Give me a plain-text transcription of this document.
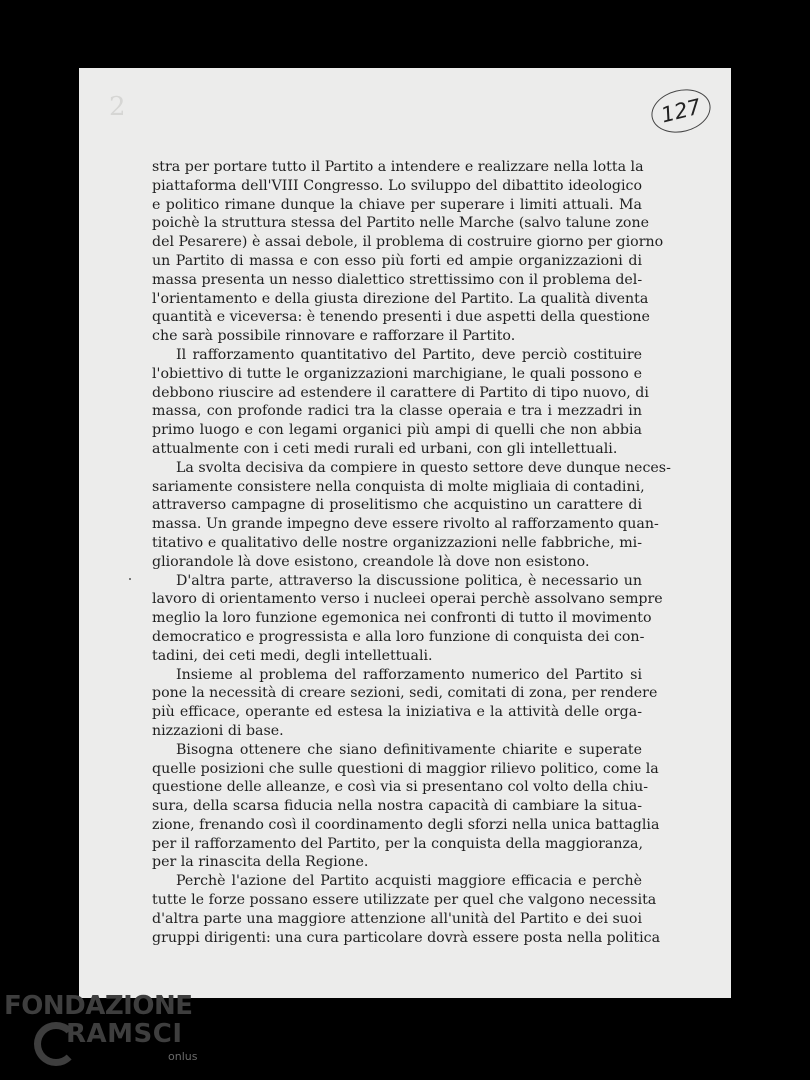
2	127
stra per portare tutto il Partito a intendere e realizzare nella lotta la
piattaforma dell'VIII Congresso. Lo sviluppo del dibattito ideologico
e politico rimane dunque la chiave per superare i limiti attuali. Ma
poichè la struttura stessa del Partito nelle Marche (salvo talune zone
del Pesarere) è assai debole, il problema di costruire giorno per giorno
un Partito di massa e con esso più forti ed ampie organizzazioni di
massa presenta un nesso dialettico strettissimo con il problema del-
l'orientamento e della giusta direzione del Partito. La qualità diventa
quantità e viceversa: è tenendo presenti i due aspetti della questione
che sarà possibile rinnovare e rafforzare il Partito.
Il rafforzamento quantitativo del Partito, deve perciò costituire
l'obiettivo di tutte le organizzazioni marchigiane, le quali possono e
debbono riuscire ad estendere il carattere di Partito di tipo nuovo, di
massa, con profonde radici tra la classe operaia e tra i mezzadri in
primo luogo e con legami organici più ampi di quelli che non abbia
attualmente con i ceti medi rurali ed urbani, con gli intellettuali.
La svolta decisiva da compiere in questo settore deve dunque neces-
sariamente consistere nella conquista di molte migliaia di contadini,
attraverso campagne di proselitismo che acquistino un carattere di
massa. Un grande impegno deve essere rivolto al rafforzamento quan-
titativo e qualitativo delle nostre organizzazioni nelle fabbriche, mi-
gliorandole là dove esistono, creandole là dove non esistono.
D'altra parte, attraverso la discussione politica, è necessario un
lavoro di orientamento verso i nucleei operai perchè assolvano sempre
meglio la loro funzione egemonica nei confronti di tutto il movimento
democratico e progressista e alla loro funzione di conquista dei con-
tadini, dei ceti medi, degli intellettuali.
Insieme al problema del rafforzamento numerico del Partito si
pone la necessità di creare sezioni, sedi, comitati di zona, per rendere
più efficace, operante ed estesa la iniziativa e la attività delle orga-
nizzazioni di base.
Bisogna ottenere che siano definitivamente chiarite e superate
quelle posizioni che sulle questioni di maggior rilievo politico, come la
questione delle alleanze, e così via si presentano col volto della chiu-
sura, della scarsa fiducia nella nostra capacità di cambiare la situa-
zione, frenando così il coordinamento degli sforzi nella unica battaglia
per il rafforzamento del Partito, per la conquista della maggioranza,
per la rinascita della Regione.
Perchè l'azione del Partito acquisti maggiore efficacia e perchè
tutte le forze possano essere utilizzate per quel che valgono necessita
d'altra parte una maggiore attenzione all'unità del Partito e dei suoi
gruppi dirigenti: una cura particolare dovrà essere posta nella politica
FONDAZIONE
RAMSCI
onlus
